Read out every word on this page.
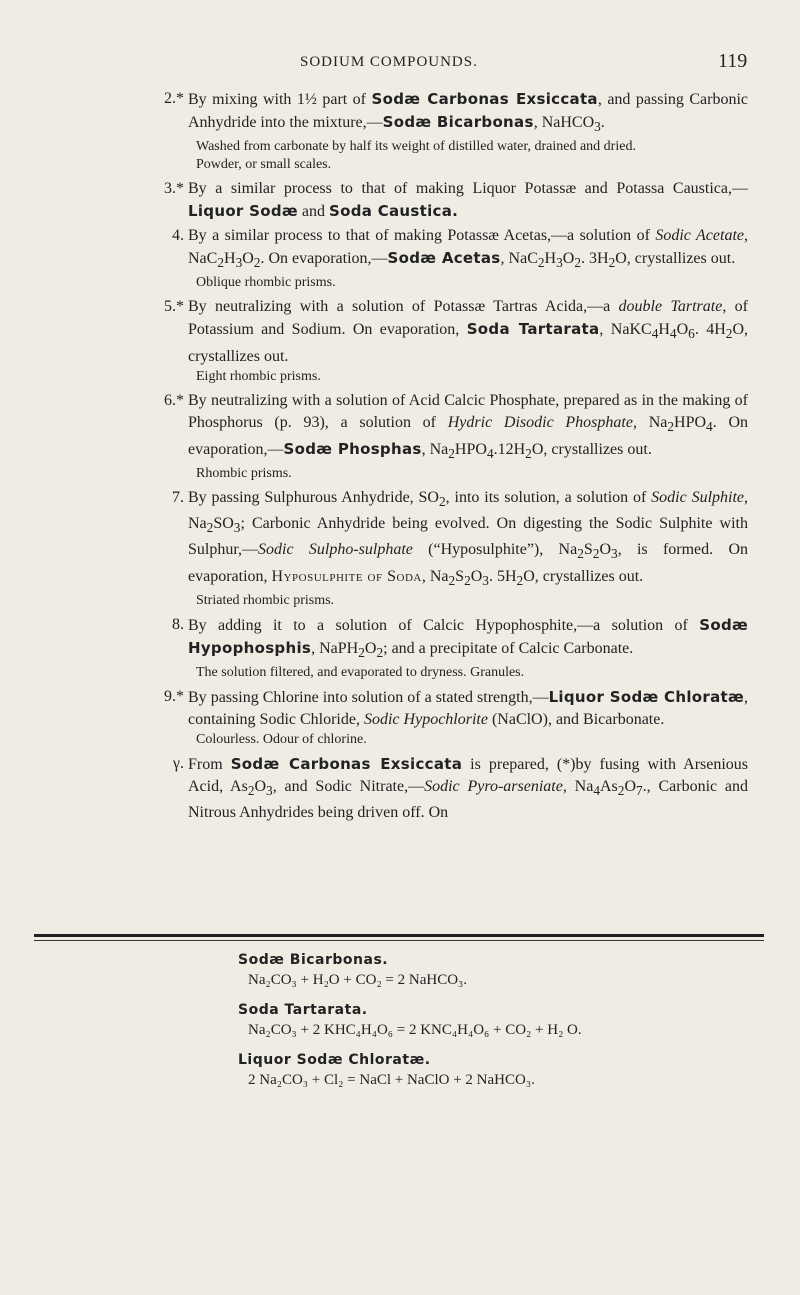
SODIUM COMPOUNDS.	119
2.* By mixing with 1½ part of Sodæ Carbonas Exsiccata, and passing Carbonic Anhydride into the mixture,—Sodæ Bicarbonas, NaHCO$_3$.

Washed from carbonate by half its weight of distilled water, drained and dried.
Powder, or small scales.
3.* By a similar process to that of making Liquor Potassæ and Potassa Caustica,—Liquor Sodæ and Soda Caustica.

4. By a similar process to that of making Potassæ Acetas,—a solution of Sodic Acetate, $NaC_2H_3O_2$. On evaporation,—Sodæ Acetas, $NaC_2H_3O_2$. $3H_2O$, crystallizes out.

Oblique rhombic prisms.
5.* By neutralizing with a solution of Potassæ Tartras Acida,—a double Tartrate, of Potassium and Sodium. On evaporation, Soda Tartarata, $NaKC_4H_4O_6$. $4H_2O$, crystallizes out.

Eight rhombic prisms.
6.* By neutralizing with a solution of Acid Calcic Phosphate, prepared as in the making of Phosphorus (p. 93), a solution of Hydric Disodic Phosphate, $Na_2HPO_4$. On evaporation,—Sodæ Phosphas, $Na_2HPO_4.12H_2O$, crystallizes out.

Rhombic prisms.
7. By passing Sulphurous Anhydride, $SO_2$, into its solution, a solution of Sodic Sulphite, $Na_2SO_3$; Carbonic Anhydride being evolved. On digesting the Sodic Sulphite with Sulphur,—Sodic Sulpho-sulphate (“Hyposulphite”), $Na_2S_2O_3$, is formed. On evaporation, Hyposulphite of Soda, $Na_2S_2O_3$. $5H_2O$, crystallizes out.

Striated rhombic prisms.
8. By adding it to a solution of Calcic Hypophosphite,—a solution of Sodæ Hypophosphis, $NaPH_2O_2$; and a precipitate of Calcic Carbonate.

The solution filtered, and evaporated to dryness. Granules.
9.* By passing Chlorine into solution of a stated strength,—Liquor Sodæ Chloratæ, containing Sodic Chloride, Sodic Hypochlorite (NaClO), and Bicarbonate.

Colourless. Odour of chlorine.
γ. From Sodæ Carbonas Exsiccata is prepared, (*)by fusing with Arsenious Acid, $As_2O_3$, and Sodic Nitrate,—Sodic Pyro-arseniate, $Na_4As_2O_7$., Carbonic and Nitrous Anhydrides being driven off. On

Sodæ Bicarbonas.
Na₂CO₃ + H₂O + CO₂ = 2 NaHCO₃.
Soda Tartarata.
Na₂CO₃ + 2 KHC₄H₄O₆ = 2 KNC₄H₄O₆ + CO₂ + H₂ O.
Liquor Sodæ Chloratæ.
2 Na₂CO₃ + Cl₂ = NaCl + NaClO + 2 NaHCO₃.
